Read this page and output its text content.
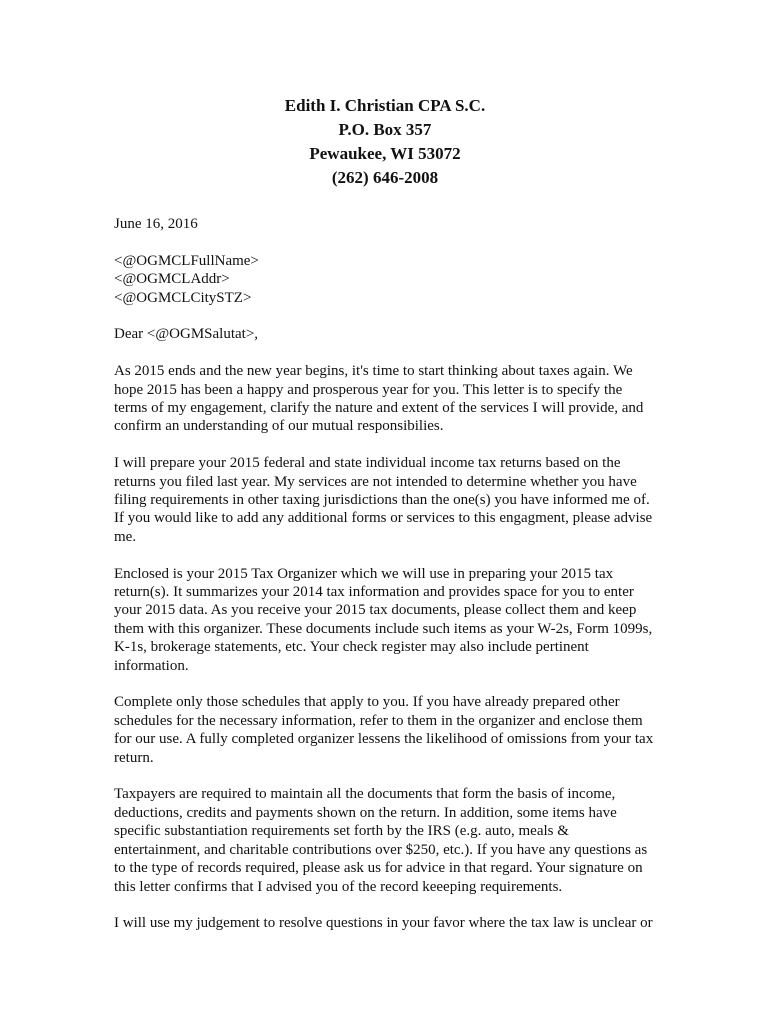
Edith I. Christian CPA S.C.
P.O. Box 357
Pewaukee, WI 53072
(262) 646-2008
June 16, 2016
<@OGMCLFullName>
<@OGMCLAddr>
<@OGMCLCitySTZ>
Dear <@OGMSalutat>,
As 2015 ends and the new year begins, it's time to start thinking about taxes again. We
hope 2015 has been a happy and prosperous year for you. This letter is to specify the
terms of my engagement, clarify the nature and extent of the services I will provide, and
confirm an understanding of our mutual responsibilies.
I will prepare your 2015 federal and state individual income tax returns based on the
returns you filed last year. My services are not intended to determine whether you have
filing requirements in other taxing jurisdictions than the one(s) you have informed me of.
If you would like to add any additional forms or services to this engagment, please advise
me.
Enclosed is your 2015 Tax Organizer which we will use in preparing your 2015 tax
return(s). It summarizes your 2014 tax information and provides space for you to enter
your 2015 data. As you receive your 2015 tax documents, please collect them and keep
them with this organizer. These documents include such items as your W-2s, Form 1099s,
K-1s, brokerage statements, etc. Your check register may also include pertinent
information.
Complete only those schedules that apply to you. If you have already prepared other
schedules for the necessary information, refer to them in the organizer and enclose them
for our use. A fully completed organizer lessens the likelihood of omissions from your tax
return.
Taxpayers are required to maintain all the documents that form the basis of income,
deductions, credits and payments shown on the return. In addition, some items have
specific substantiation requirements set forth by the IRS (e.g. auto, meals &
entertainment, and charitable contributions over $250, etc.). If you have any questions as
to the type of records required, please ask us for advice in that regard. Your signature on
this letter confirms that I advised you of the record keeeping requirements.
I will use my judgement to resolve questions in your favor where the tax law is unclear or
